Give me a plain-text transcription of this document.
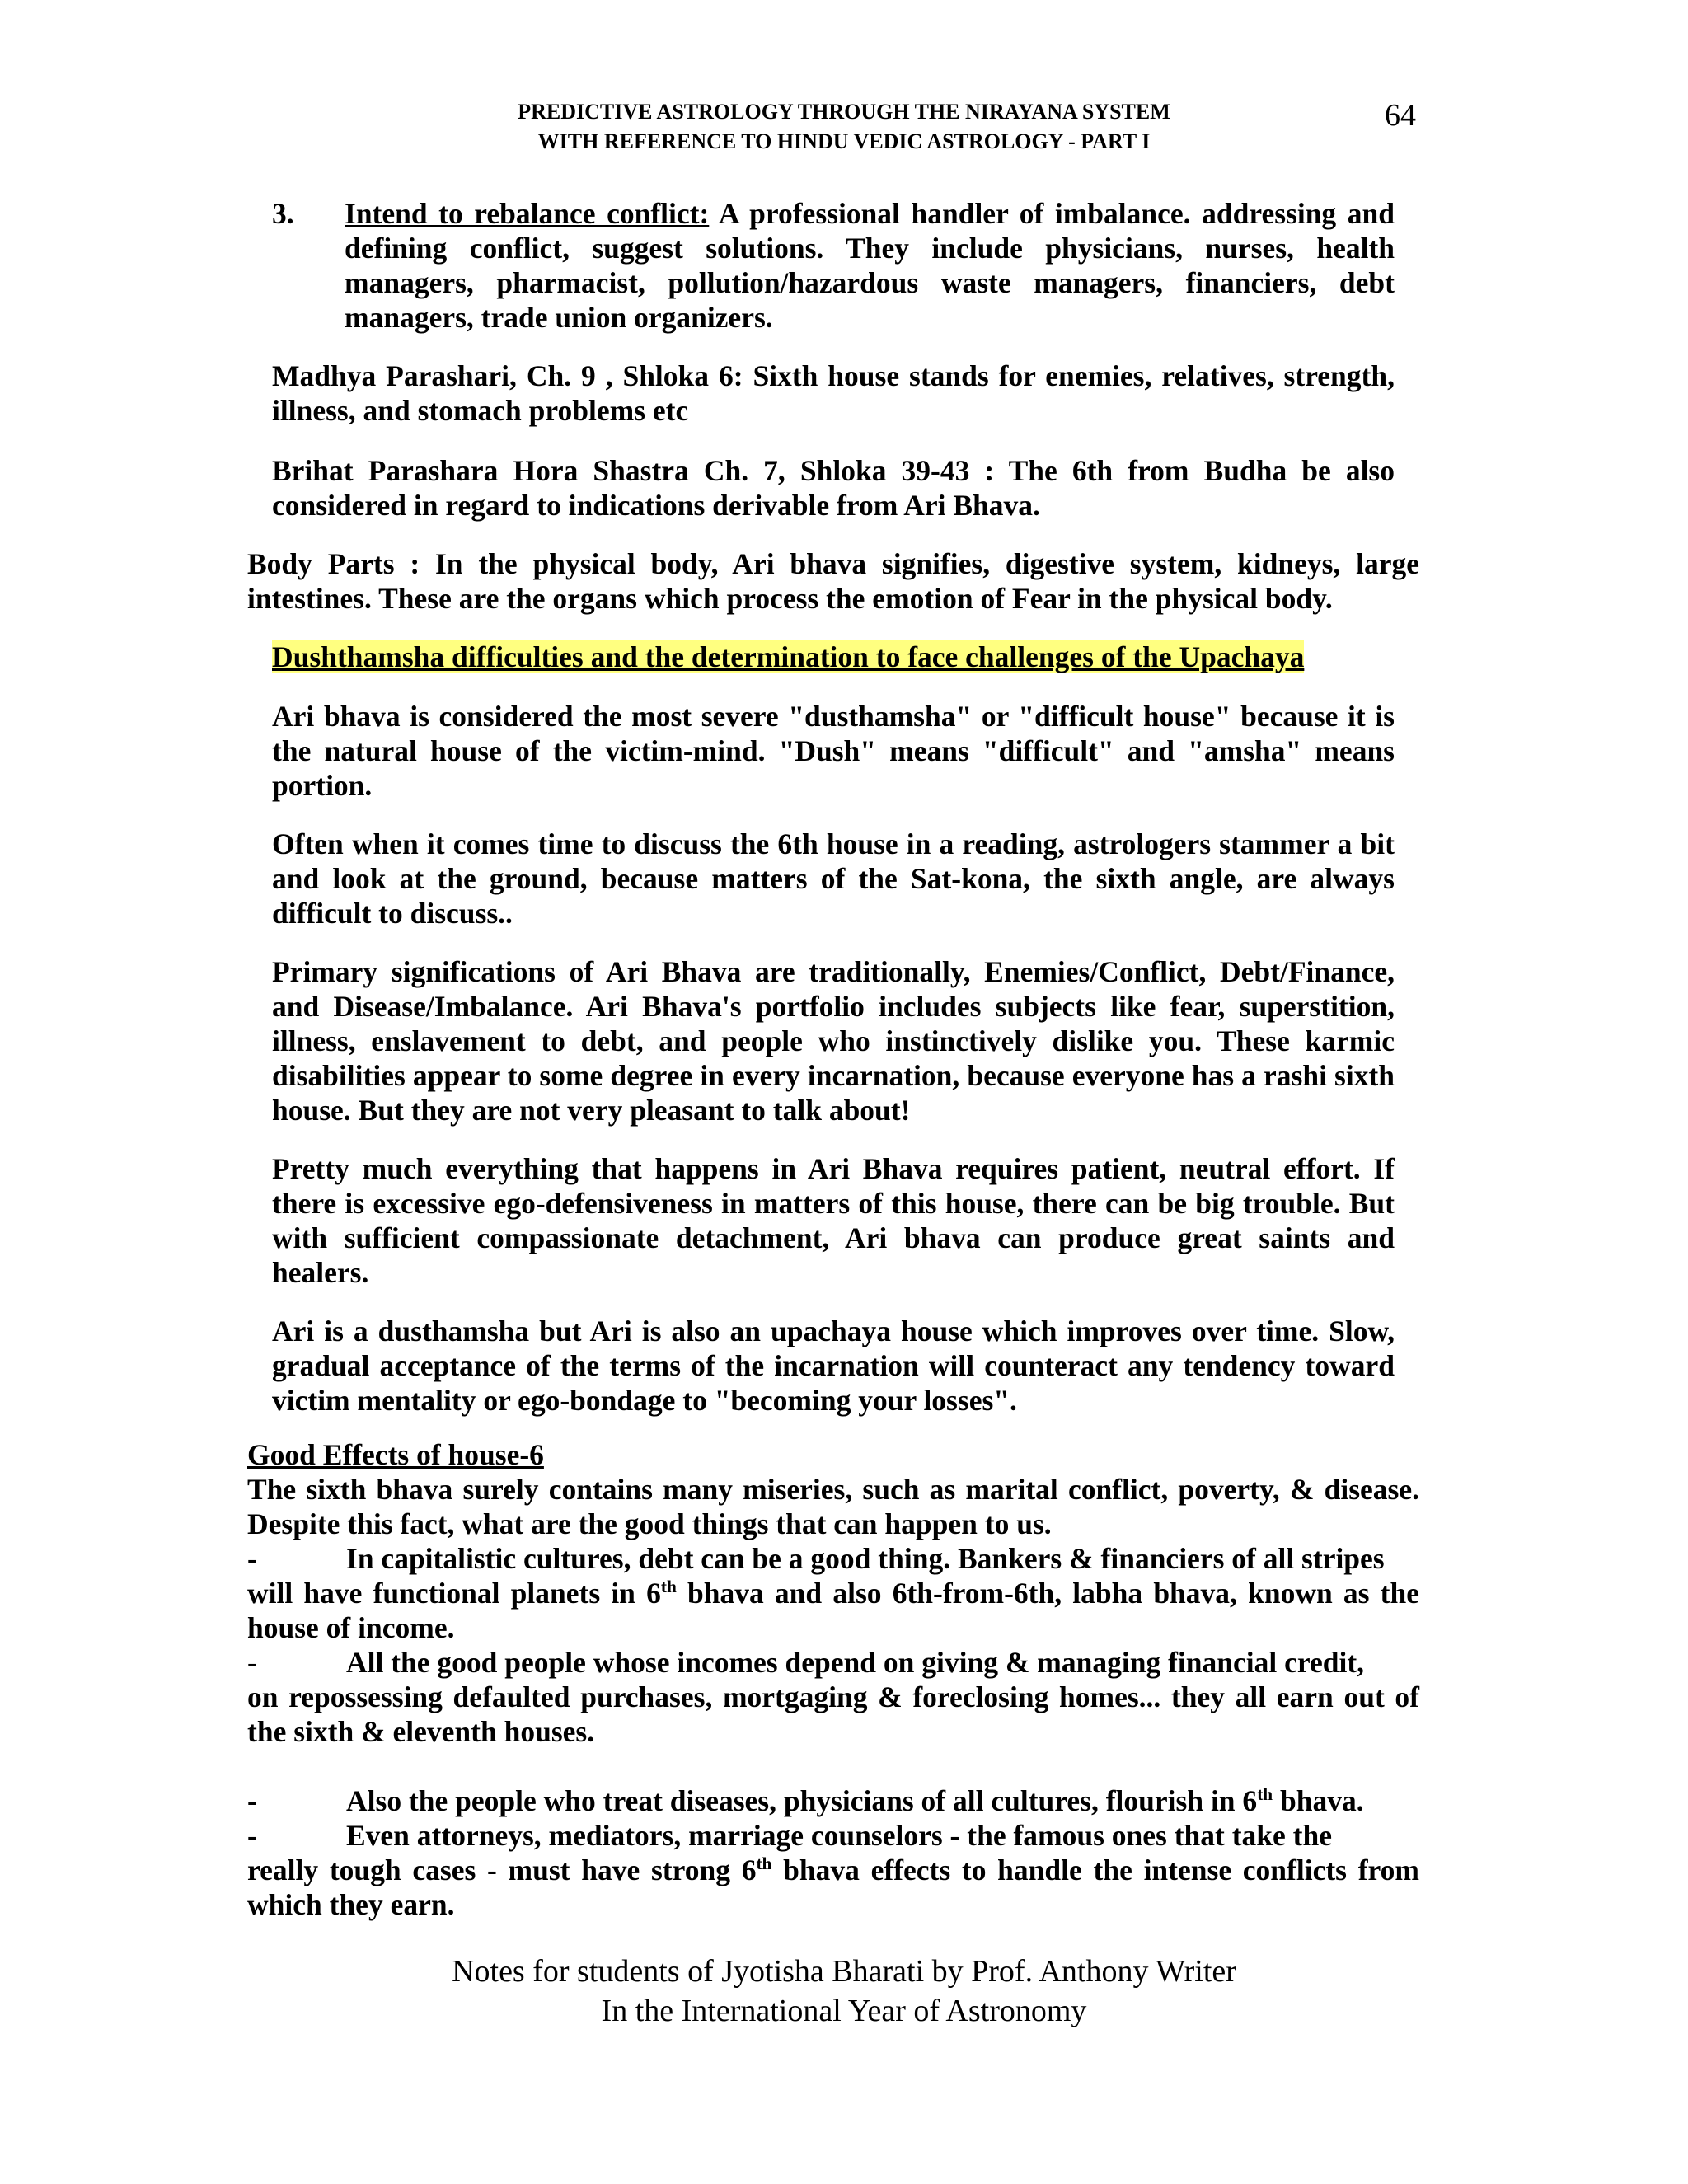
PREDICTIVE ASTROLOGY THROUGH THE NIRAYANA SYSTEM
WITH REFERENCE TO HINDU VEDIC ASTROLOGY - PART I
64
3. Intend to rebalance conflict: A professional handler of imbalance. addressing and defining conflict, suggest solutions. They include physicians, nurses, health managers, pharmacist, pollution/hazardous waste managers, financiers, debt managers, trade union organizers.
Madhya Parashari, Ch. 9 , Shloka 6: Sixth house stands for enemies, relatives, strength, illness, and stomach problems etc
Brihat Parashara Hora Shastra Ch. 7, Shloka 39-43 : The 6th from Budha be also considered in regard to indications derivable from Ari Bhava.
Body Parts : In the physical body, Ari bhava signifies, digestive system, kidneys, large intestines. These are the organs which process the emotion of Fear in the physical body.
Dushthamsha difficulties and the determination to face challenges of the Upachaya
Ari bhava is considered the most severe "dusthamsha" or "difficult house" because it is the natural house of the victim-mind. "Dush" means "difficult" and "amsha" means portion.
Often when it comes time to discuss the 6th house in a reading, astrologers stammer a bit and look at the ground, because matters of the Sat-kona, the sixth angle, are always difficult to discuss..
Primary significations of Ari Bhava are traditionally, Enemies/Conflict, Debt/Finance, and Disease/Imbalance. Ari Bhava's portfolio includes subjects like fear, superstition, illness, enslavement to debt, and people who instinctively dislike you. These karmic disabilities appear to some degree in every incarnation, because everyone has a rashi sixth house. But they are not very pleasant to talk about!
Pretty much everything that happens in Ari Bhava requires patient, neutral effort. If there is excessive ego-defensiveness in matters of this house, there can be big trouble. But with sufficient compassionate detachment, Ari bhava can produce great saints and healers.
Ari is a dusthamsha but Ari is also an upachaya house which improves over time. Slow, gradual acceptance of the terms of the incarnation will counteract any tendency toward victim mentality or ego-bondage to "becoming your losses".
Good Effects of house-6
The sixth bhava surely contains many miseries, such as marital conflict, poverty, & disease. Despite this fact, what are the good things that can happen to us.
-	In capitalistic cultures, debt can be a good thing. Bankers & financiers of all stripes
will have functional planets in 6th bhava and also 6th-from-6th, labha bhava, known as the house of income.
-	All the good people whose incomes depend on giving & managing financial credit,
on repossessing defaulted purchases, mortgaging & foreclosing homes... they all earn out of the sixth & eleventh houses.
-	Also the people who treat diseases, physicians of all cultures, flourish in 6th bhava.
-	Even attorneys, mediators, marriage counselors - the famous ones that take the
really tough cases - must have strong 6th bhava effects to handle the intense conflicts from which they earn.
Notes for students of Jyotisha Bharati by Prof. Anthony Writer
In the International Year of Astronomy
